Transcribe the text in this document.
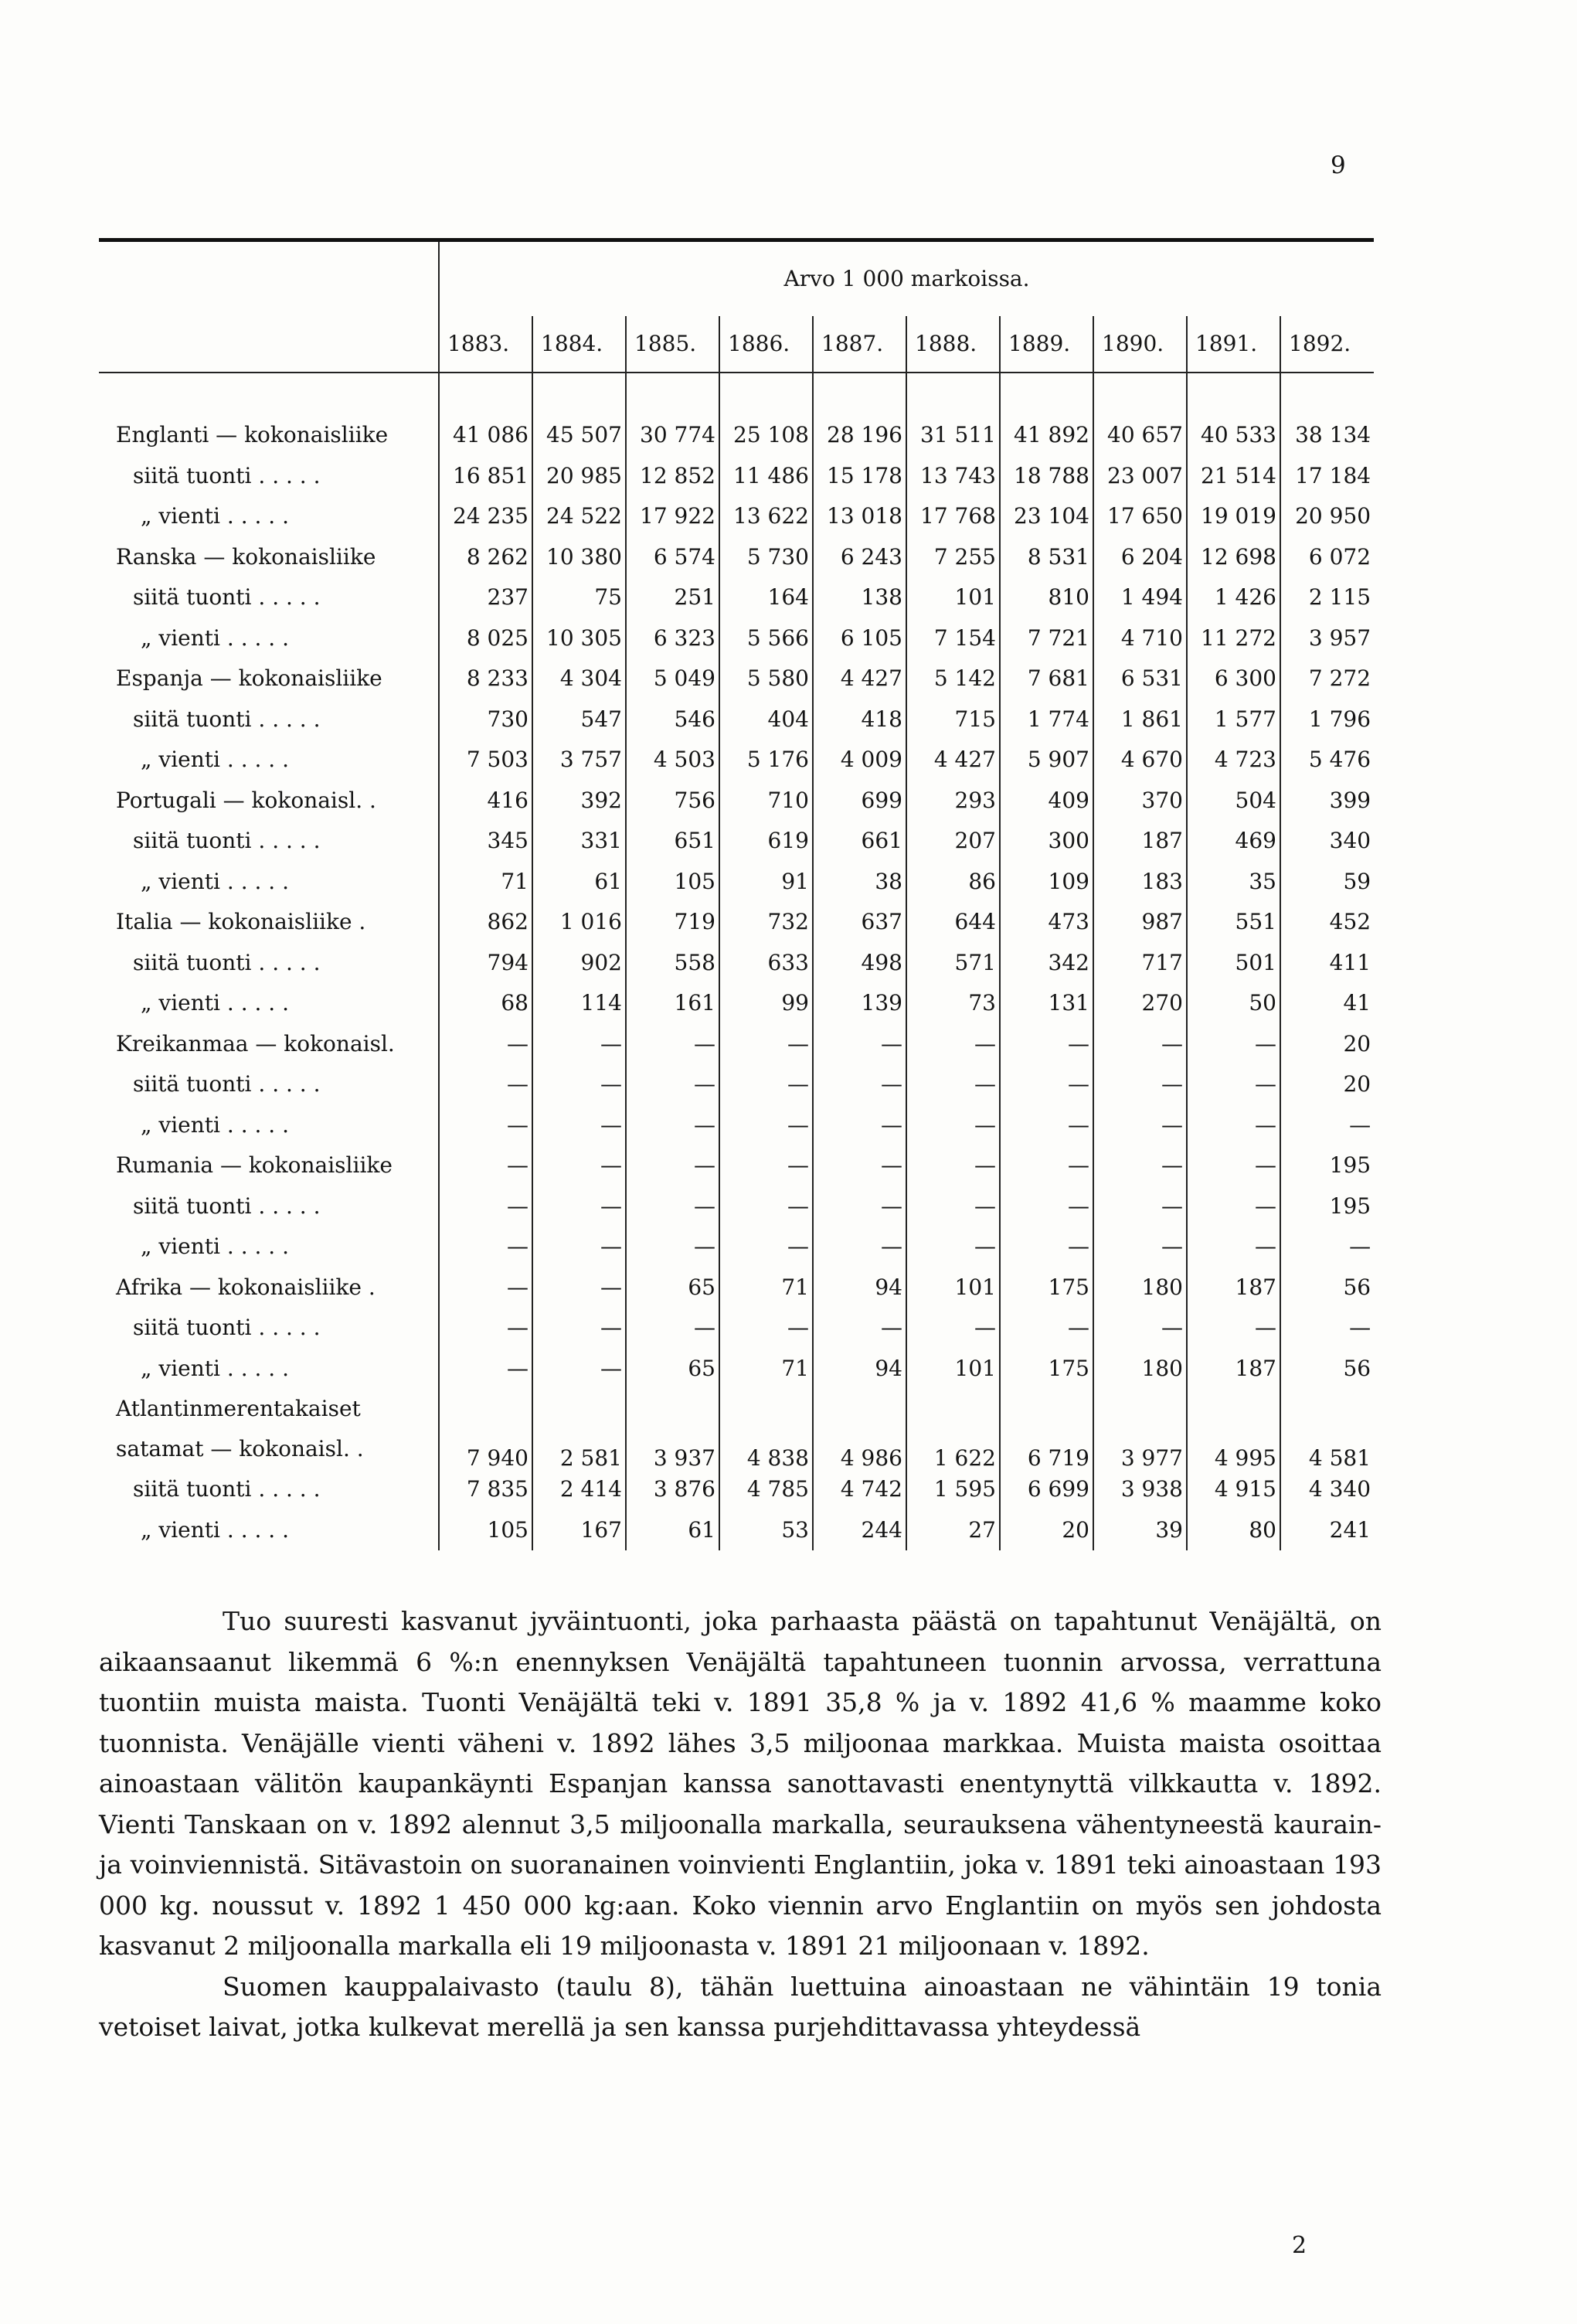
9
	Arvo 1 000 markoissa.									
	1883.	1884.	1885.	1886.	1887.	1888.	1889.	1890.	1891.	1892.

Englanti — kokonaisliike	41 086	45 507	30 774	25 108	28 196	31 511	41 892	40 657	40 533	38 134
siitä tuonti . . . . .	16 851	20 985	12 852	11 486	15 178	13 743	18 788	23 007	21 514	17 184
„ vienti . . . . .	24 235	24 522	17 922	13 622	13 018	17 768	23 104	17 650	19 019	20 950
Ranska — kokonaisliike	8 262	10 380	6 574	5 730	6 243	7 255	8 531	6 204	12 698	6 072
siitä tuonti . . . . .	237	75	251	164	138	101	810	1 494	1 426	2 115
„ vienti . . . . .	8 025	10 305	6 323	5 566	6 105	7 154	7 721	4 710	11 272	3 957
Espanja — kokonaisliike	8 233	4 304	5 049	5 580	4 427	5 142	7 681	6 531	6 300	7 272
siitä tuonti . . . . .	730	547	546	404	418	715	1 774	1 861	1 577	1 796
„ vienti . . . . .	7 503	3 757	4 503	5 176	4 009	4 427	5 907	4 670	4 723	5 476
Portugali — kokonaisl. .	416	392	756	710	699	293	409	370	504	399
siitä tuonti . . . . .	345	331	651	619	661	207	300	187	469	340
„ vienti . . . . .	71	61	105	91	38	86	109	183	35	59
Italia — kokonaisliike .	862	1 016	719	732	637	644	473	987	551	452
siitä tuonti . . . . .	794	902	558	633	498	571	342	717	501	411
„ vienti . . . . .	68	114	161	99	139	73	131	270	50	41
Kreikanmaa — kokonaisl.	—	—	—	—	—	—	—	—	—	20
siitä tuonti . . . . .	—	—	—	—	—	—	—	—	—	20
„ vienti . . . . .	—	—	—	—	—	—	—	—	—	—
Rumania — kokonaisliike	—	—	—	—	—	—	—	—	—	195
siitä tuonti . . . . .	—	—	—	—	—	—	—	—	—	195
„ vienti . . . . .	—	—	—	—	—	—	—	—	—	—
Afrika — kokonaisliike .	—	—	65	71	94	101	175	180	187	56
siitä tuonti . . . . .	—	—	—	—	—	—	—	—	—	—
„ vienti . . . . .	—	—	65	71	94	101	175	180	187	56
Atlantinmerentakaiset satamat — kokonaisl. .	7 940	2 581	3 937	4 838	4 986	1 622	6 719	3 977	4 995	4 581
siitä tuonti . . . . .	7 835	2 414	3 876	4 785	4 742	1 595	6 699	3 938	4 915	4 340
„ vienti . . . . .	105	167	61	53	244	27	20	39	80	241

Tuo suuresti kasvanut jyväintuonti, joka parhaasta päästä on tapahtunut Venäjältä, on aikaansaanut likemmä 6 %:n enennyksen Venäjältä tapahtuneen tuonnin arvossa, verrattuna tuontiin muista maista. Tuonti Venäjältä teki v. 1891 35,8 % ja v. 1892 41,6 % maamme koko tuonnista. Venäjälle vienti väheni v. 1892 lähes 3,5 miljoonaa markkaa. Muista maista osoittaa ainoastaan välitön kaupankäynti Espanjan kanssa sanottavasti enentynyttä vilkkautta v. 1892. Vienti Tanskaan on v. 1892 alennut 3,5 miljoonalla markalla, seurauksena vähentyneestä kaurain- ja voinviennistä. Sitävastoin on suoranainen voinvienti Englantiin, joka v. 1891 teki ainoastaan 193 000 kg. noussut v. 1892 1 450 000 kg:aan. Koko viennin arvo Englantiin on myös sen johdosta kasvanut 2 miljoonalla markalla eli 19 miljoonasta v. 1891 21 miljoonaan v. 1892.

Suomen kauppalaivasto (taulu 8), tähän luettuina ainoastaan ne vähintäin 19 tonia vetoiset laivat, jotka kulkevat merellä ja sen kanssa purjehdittavassa yhteydessä

2
